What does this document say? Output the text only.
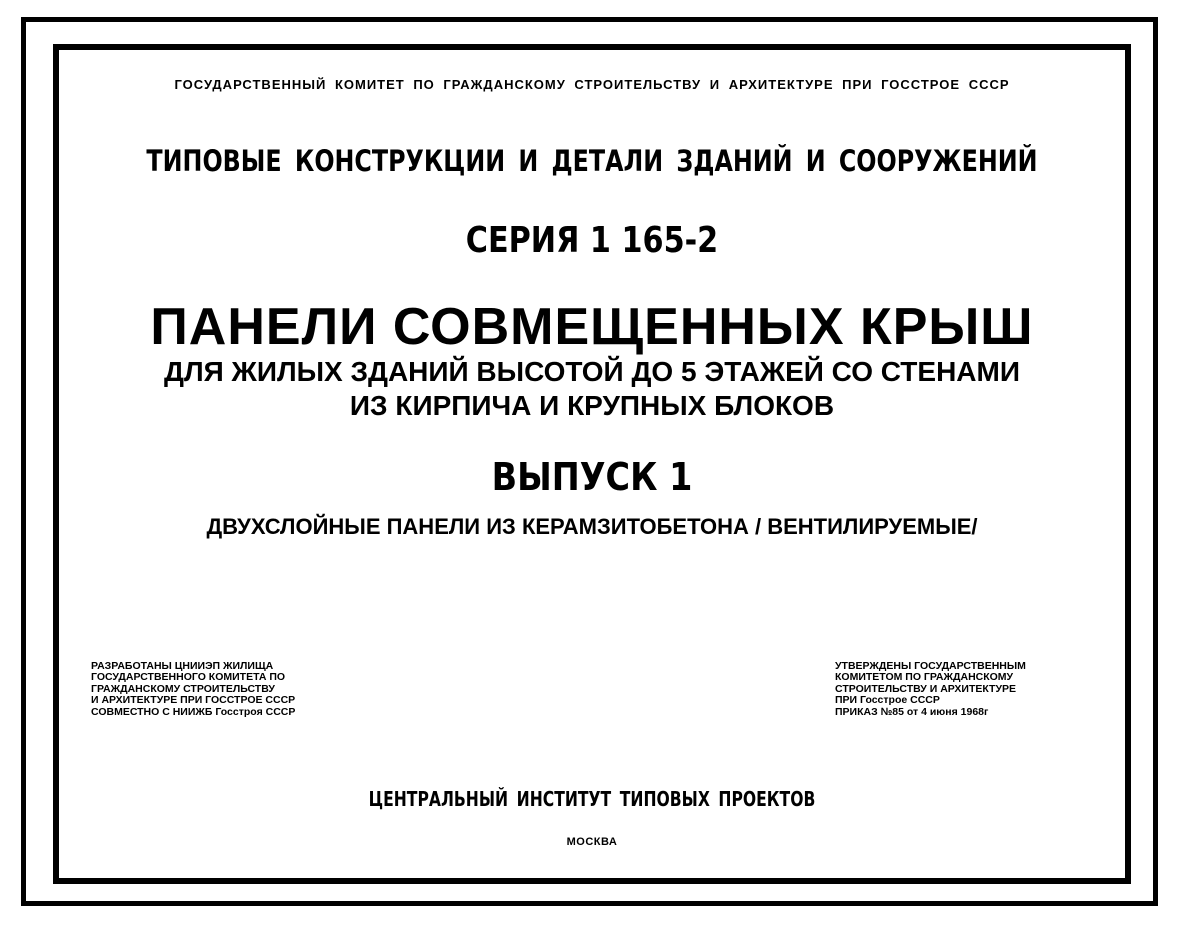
ГОСУДАРСТВЕННЫЙ КОМИТЕТ ПО ГРАЖДАНСКОМУ СТРОИТЕЛЬСТВУ И АРХИТЕКТУРЕ ПРИ ГОССТРОЕ СССР
ТИПОВЫЕ КОНСТРУКЦИИ И ДЕТАЛИ ЗДАНИЙ И СООРУЖЕНИЙ
СЕРИЯ 1 165-2
ПАНЕЛИ СОВМЕЩЕННЫХ КРЫШ
ДЛЯ ЖИЛЫХ ЗДАНИЙ ВЫСОТОЙ ДО 5 ЭТАЖЕЙ СО СТЕНАМИ
ИЗ КИРПИЧА И КРУПНЫХ БЛОКОВ
ВЫПУСК 1
ДВУХСЛОЙНЫЕ ПАНЕЛИ ИЗ КЕРАМЗИТОБЕТОНА / ВЕНТИЛИРУЕМЫЕ/
РАЗРАБОТАНЫ ЦНИИЭП ЖИЛИЩА
ГОСУДАРСТВЕННОГО КОМИТЕТА ПО
ГРАЖДАНСКОМУ СТРОИТЕЛЬСТВУ
И АРХИТЕКТУРЕ ПРИ ГОССТРОЕ СССР
СОВМЕСТНО С НИИЖБ Госстроя СССР
УТВЕРЖДЕНЫ ГОСУДАРСТВЕННЫМ
КОМИТЕТОМ ПО ГРАЖДАНСКОМУ
СТРОИТЕЛЬСТВУ И АРХИТЕКТУРЕ
ПРИ Госстрое СССР
ПРИКАЗ №85 от 4 июня 1968г
ЦЕНТРАЛЬНЫЙ ИНСТИТУТ ТИПОВЫХ ПРОЕКТОВ
МОСКВА
